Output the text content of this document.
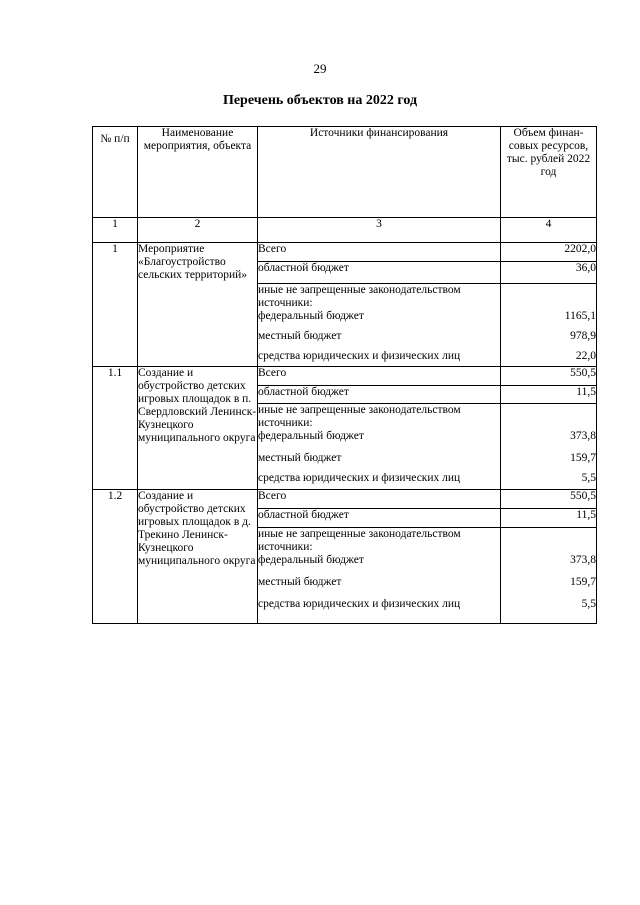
29
Перечень объектов на 2022 год
№ п/п	Наименование мероприятия, объекта	Источники финансирования	Объем финан-совых ресурсов, тыс. рублей 2022 год
1	2	3	4
1	Мероприятие «Благоустройство сельских территорий»	Всего	2202,0
		областной бюджет	36,0
		иные не запрещенные законодательством источники:	
		федеральный бюджет	1165,1
		местный бюджет	978,9
		средства юридических и физических лиц	22,0
1.1	Создание и обустройство детских игровых площадок в п. Свердловский Ленинск-Кузнецкого муниципального округа	Всего	550,5
		областной бюджет	11,5
		иные не запрещенные законодательством источники:	
		федеральный бюджет	373,8
		местный бюджет	159,7
		средства юридических и физических лиц	5,5
1.2	Создание и обустройство детских игровых площадок в д. Трекино Ленинск-Кузнецкого муниципального округа	Всего	550,5
		областной бюджет	11,5
		иные не запрещенные законодательством источники:	
		федеральный бюджет	373,8
		местный бюджет	159,7
		средства юридических и физических лиц	5,5
